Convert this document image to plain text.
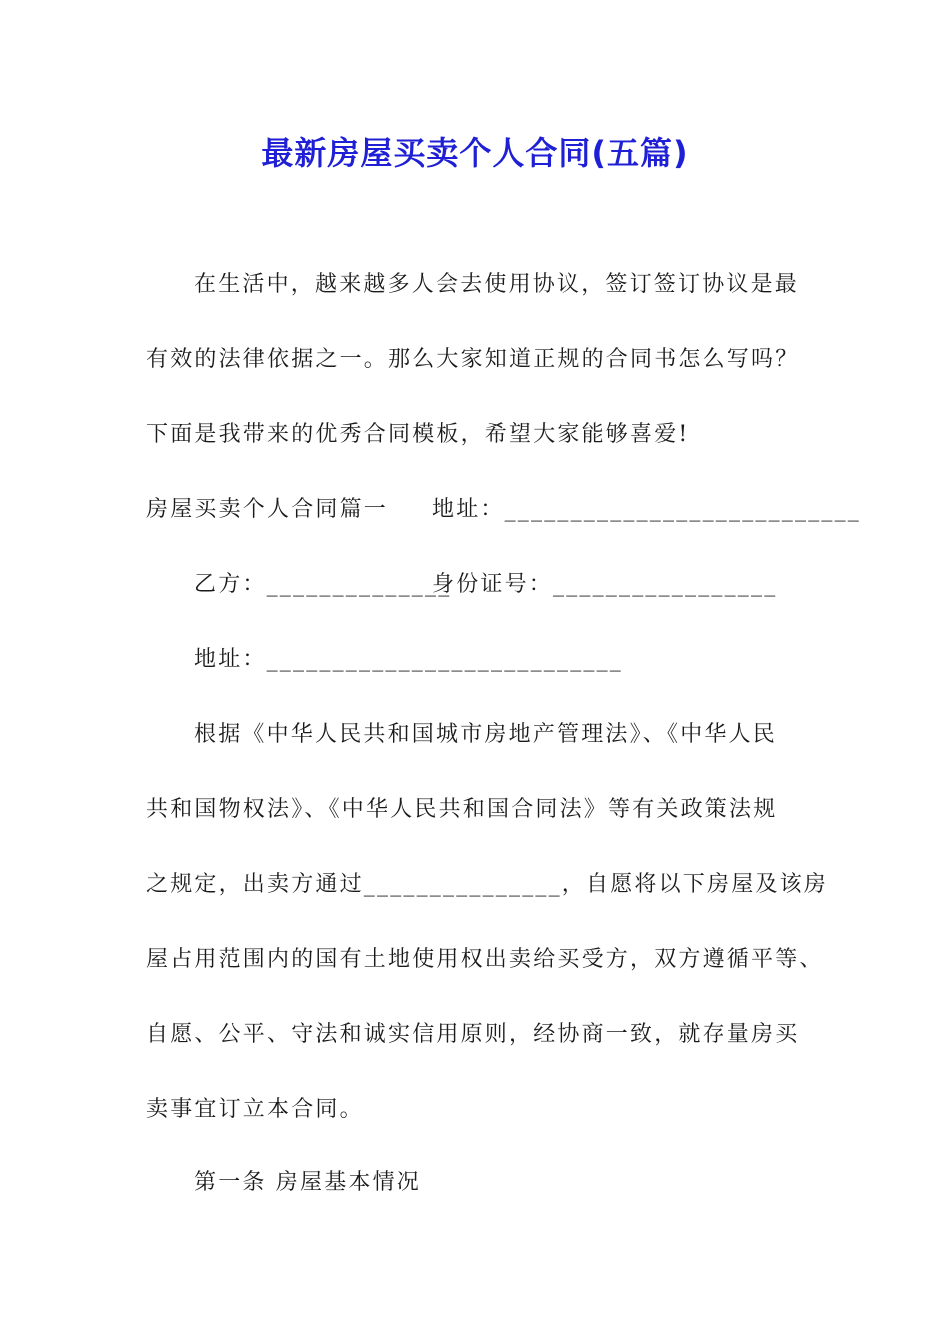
最新房屋买卖个人合同(五篇)
在生活中，越来越多人会去使用协议，签订签订协议是最
有效的法律依据之一。那么大家知道正规的合同书怎么写吗？
下面是我带来的优秀合同模板，希望大家能够喜爱!
房屋买卖个人合同篇一 地址：___________________________
乙方：______________
身份证号：_________________
地址：___________________________
根据《中华人民共和国城市房地产管理法》、《中华人民
共和国物权法》、《中华人民共和国合同法》等有关政策法规
之规定，出卖方通过_______________，自愿将以下房屋及该房
屋占用范围内的国有土地使用权出卖给买受方，双方遵循平等、
自愿、公平、守法和诚实信用原则，经协商一致，就存量房买
卖事宜订立本合同。
第一条 房屋基本情况
